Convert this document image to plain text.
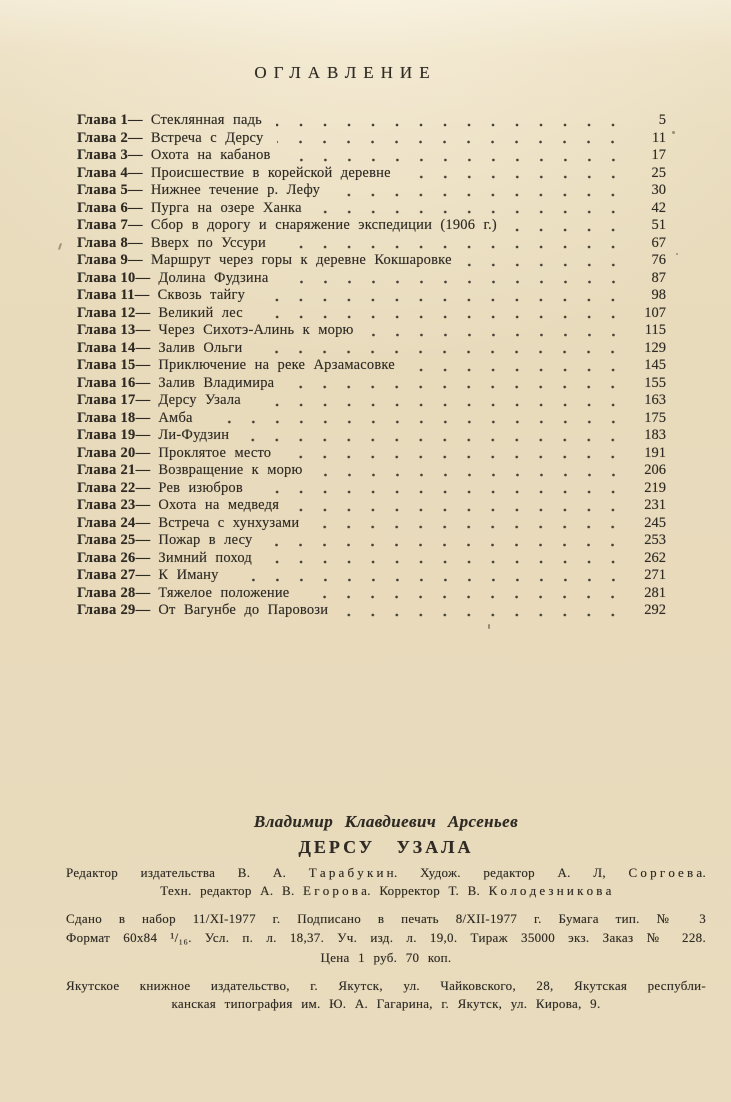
ОГЛАВЛЕНИЕ
Глава 1— Стеклянная падь	5
Глава 2— Встреча с Дерсу	11
Глава 3— Охота на кабанов	17
Глава 4— Происшествие в корейской деревне	25
Глава 5— Нижнее течение р. Лефу	30
Глава 6— Пурга на озере Ханка	42
Глава 7— Сбор в дорогу и снаряжение экспедиции (1906 г.)	51
Глава 8— Вверх по Уссури	67
Глава 9— Маршрут через горы к деревне Кокшаровке	76
Глава 10— Долина Фудзина	87
Глава 11— Сквозь тайгу	98
Глава 12— Великий лес	107
Глава 13— Через Сихотэ-Алинь к морю	115
Глава 14— Залив Ольги	129
Глава 15— Приключение на реке Арзамасовке	145
Глава 16— Залив Владимира	155
Глава 17— Дерсу Узала	163
Глава 18— Амба	175
Глава 19— Ли-Фудзин	183
Глава 20— Проклятое место	191
Глава 21— Возвращение к морю	206
Глава 22— Рев изюбров	219
Глава 23— Охота на медведя	231
Глава 24— Встреча с хунхузами	245
Глава 25— Пожар в лесу	253
Глава 26— Зимний поход	262
Глава 27— К Иману	271
Глава 28— Тяжелое положение	281
Глава 29— От Вагунбе до Паровози	292
Владимир Клавдиевич Арсеньев
ДЕРСУ УЗАЛА
Редактор издательства В. А. Т а р а б у к и н. Худож. редактор А. Л, С о р г о е в а.
Техн. редактор А. В. Е г о р о в а. Корректор Т. В. К о л о д е з н и к о в а
Сдано в набор 11/XI-1977 г. Подписано в печать 8/XII-1977 г. Бумага тип. № 3
Формат 60х84 ¹/₁₆. Усл. п. л. 18,37. Уч. изд. л. 19,0. Тираж 35000 экз. Заказ № 228.
Цена 1 руб. 70 коп.
Якутское книжное издательство, г. Якутск, ул. Чайковского, 28, Якутская республи-
канская типография им. Ю. А. Гагарина, г. Якутск, ул. Кирова, 9.
